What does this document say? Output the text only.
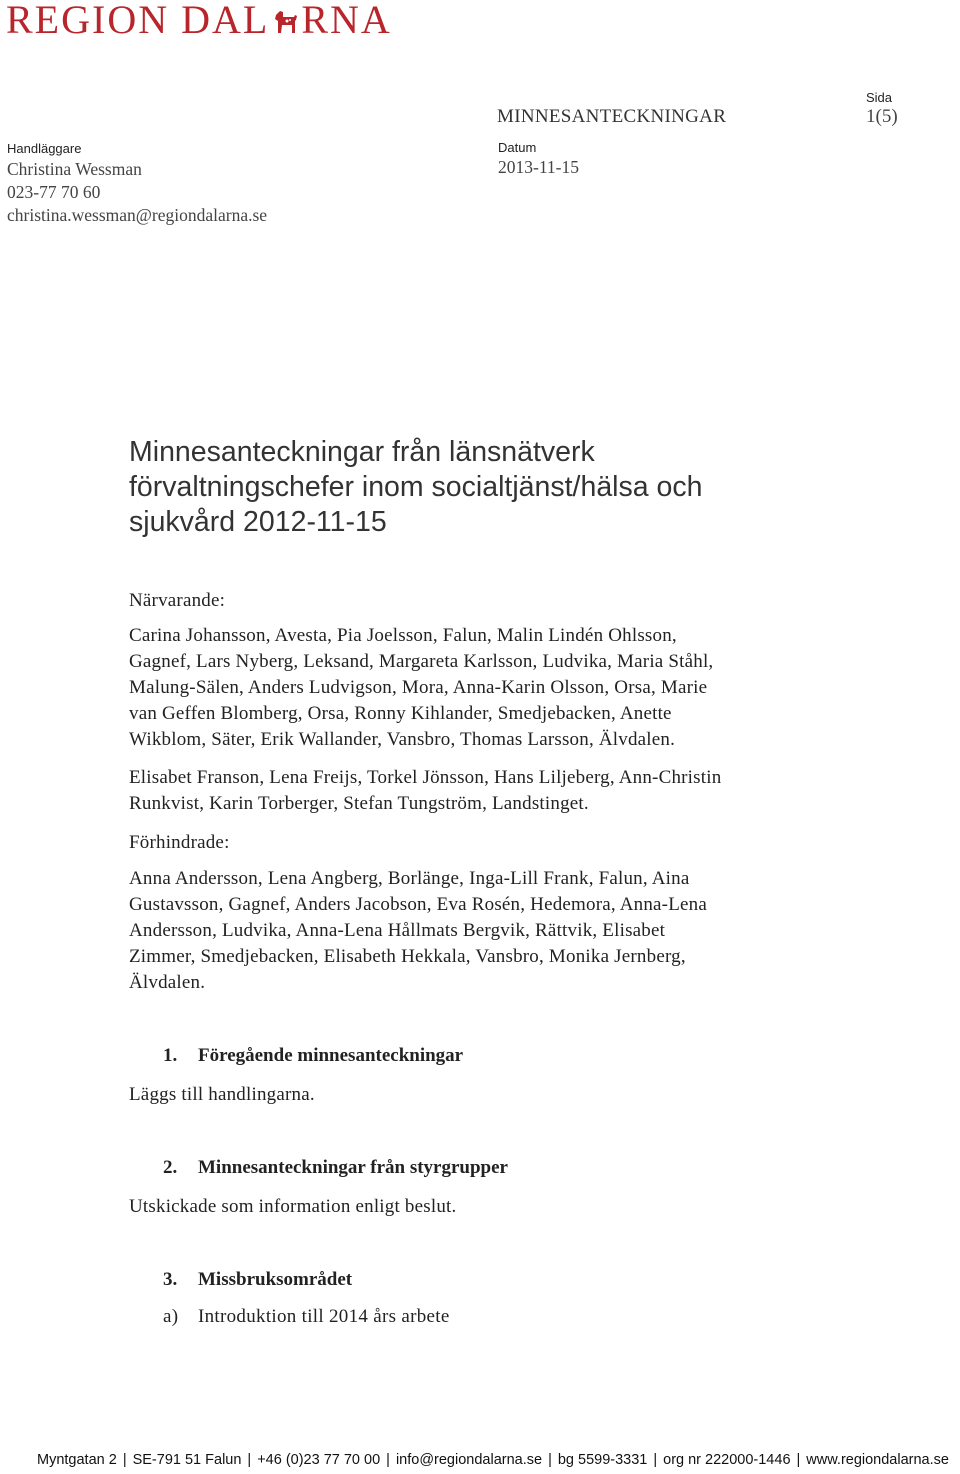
REGION DAL RNA
Handläggare
Christina Wessman
023-77 70 60
christina.wessman@regiondalarna.se
MINNESANTECKNINGAR
Datum
2013-11-15
Sida
1(5)
Minnesanteckningar från länsnätverk
förvaltningschefer inom socialtjänst/hälsa och
sjukvård 2012-11-15
Närvarande:
Carina Johansson, Avesta, Pia Joelsson, Falun, Malin Lindén Ohlsson,
Gagnef, Lars Nyberg, Leksand, Margareta Karlsson, Ludvika, Maria Ståhl,
Malung-Sälen, Anders Ludvigson, Mora, Anna-Karin Olsson, Orsa, Marie
van Geffen Blomberg, Orsa, Ronny Kihlander, Smedjebacken, Anette
Wikblom, Säter, Erik Wallander, Vansbro, Thomas Larsson, Älvdalen.
Elisabet Franson, Lena Freijs, Torkel Jönsson, Hans Liljeberg, Ann-Christin
Runkvist, Karin Torberger, Stefan Tungström, Landstinget.
Förhindrade:
Anna Andersson, Lena Angberg, Borlänge, Inga-Lill Frank, Falun, Aina
Gustavsson, Gagnef, Anders Jacobson, Eva Rosén, Hedemora, Anna-Lena
Andersson, Ludvika, Anna-Lena Hållmats Bergvik, Rättvik, Elisabet
Zimmer, Smedjebacken, Elisabeth Hekkala, Vansbro, Monika Jernberg,
Älvdalen.
1. Föregående minnesanteckningar
Läggs till handlingarna.
2. Minnesanteckningar från styrgrupper
Utskickade som information enligt beslut.
3. Missbruksområdet
a) Introduktion till 2014 års arbete
Myntgatan 2 | SE-791 51 Falun | +46 (0)23 77 70 00 | info@regiondalarna.se | bg 5599-3331 | org nr 222000-1446 | www.regiondalarna.se
